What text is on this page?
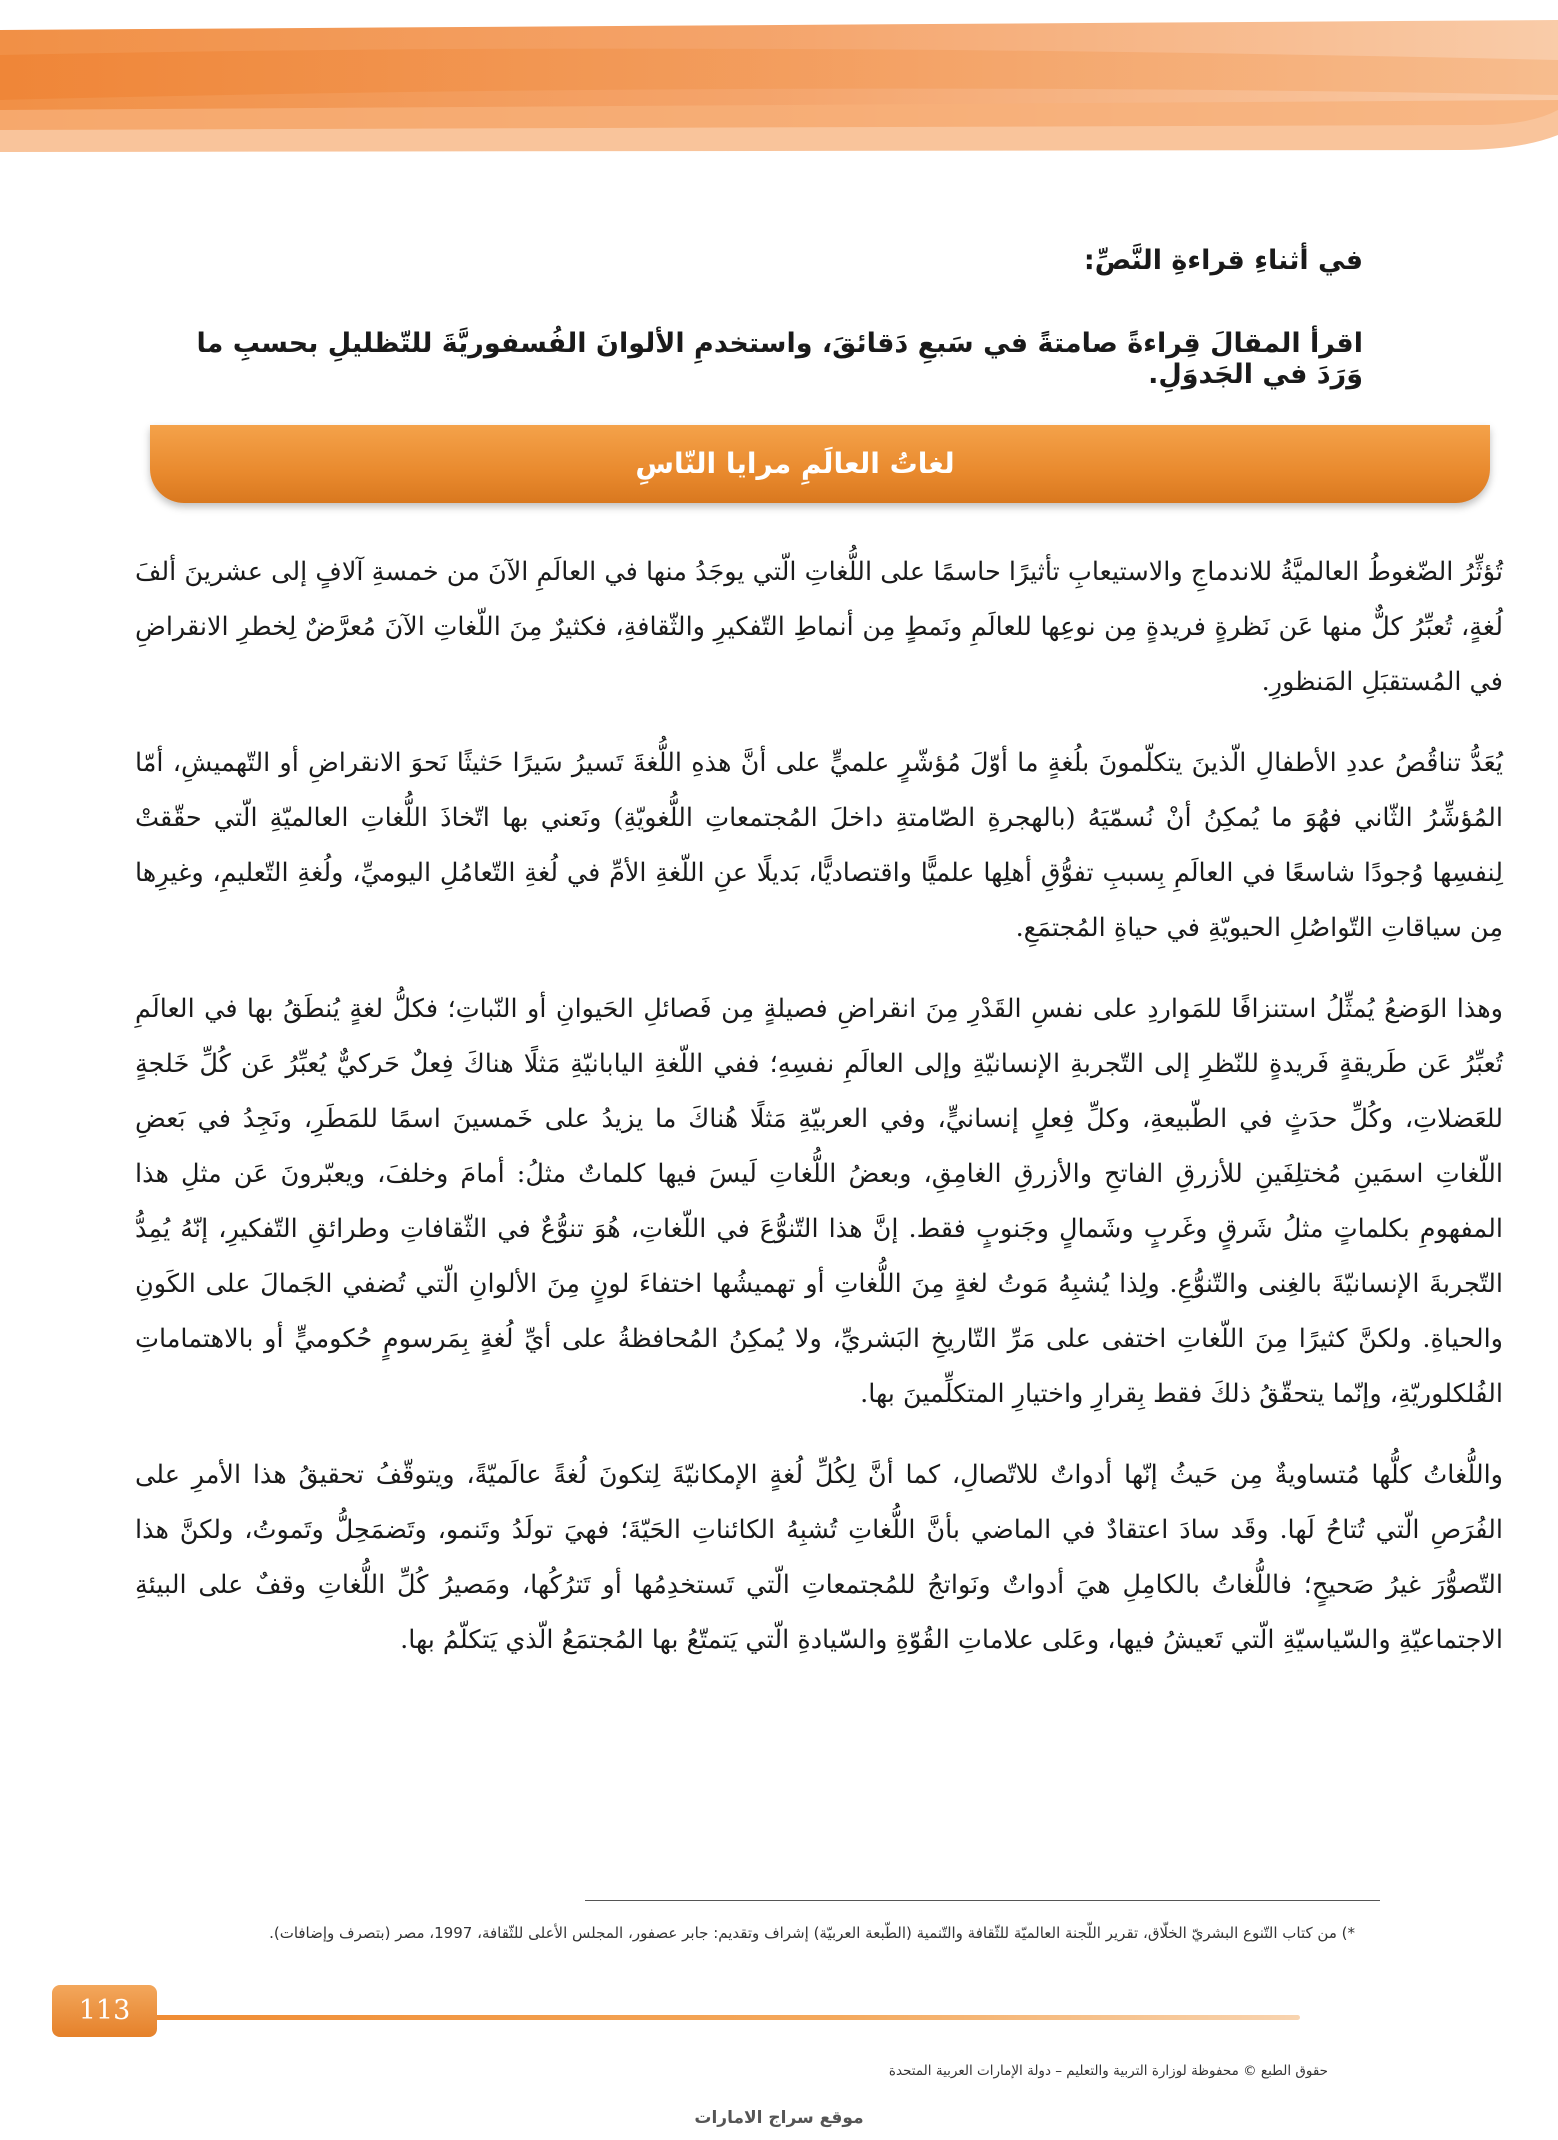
في أثناءِ قراءةِ النَّصِّ:
اقرأ المقالَ قِراءةً صامتةً في سَبعِ دَقائقَ، واستخدمِ الألوانَ الفُسفوريَّةَ للتّظليلِ بحسبِ ما وَرَدَ في الجَدوَلِ.
لغاتُ العالَمِ مرايا النّاسِ

تُؤثِّرُ الضّغوطُ العالميَّةُ للاندماجِ والاستيعابِ تأثيرًا حاسمًا على اللُّغاتِ الّتي يوجَدُ منها في العالَمِ الآنَ من خمسةِ آلافٍ إلى عشرينَ ألفَ لُغةٍ، تُعبِّرُ كلٌّ منها عَن نَظرةٍ فريدةٍ مِن نوعِها للعالَمِ ونَمطٍ مِن أنماطِ التّفكيرِ والثّقافةِ، فكثيرٌ مِنَ اللّغاتِ الآنَ مُعرَّضٌ لِخطرِ الانقراضِ في المُستقبَلِ المَنظورِ.

يُعَدُّ تناقُصُ عددِ الأطفالِ الّذينَ يتكلّمونَ بلُغةٍ ما أوّلَ مُؤشّرٍ علميٍّ على أنَّ هذهِ اللُّغةَ تَسيرُ سَيرًا حَثيثًا نَحوَ الانقراضِ أو التّهميشِ، أمّا المُؤشِّرُ الثّاني فهُوَ ما يُمكِنُ أنْ نُسمّيَهُ (بالهجرةِ الصّامتةِ داخلَ المُجتمعاتِ اللُّغويّةِ) ونَعني بها اتّخاذَ اللُّغاتِ العالميّةِ الّتي حقّقتْ لِنفسِها وُجودًا شاسعًا في العالَمِ بِسببِ تفوُّقِ أهلِها علميًّا واقتصاديًّا، بَديلًا عنِ اللّغةِ الأمِّ في لُغةِ التّعامُلِ اليوميِّ، ولُغةِ التّعليمِ، وغيرِها مِن سياقاتِ التّواصُلِ الحيويّةِ في حياةِ المُجتمَعِ.

وهذا الوَضعُ يُمثِّلُ استنزافًا للمَواردِ على نفسِ القَدْرِ مِنَ انقراضِ فصيلةٍ مِن فَصائلِ الحَيوانِ أو النّباتِ؛ فكلُّ لغةٍ يُنطَقُ بها في العالَمِ تُعبِّرُ عَن طَريقةٍ فَريدةٍ للنّظرِ إلى التّجربةِ الإنسانيّةِ وإلى العالَمِ نفسِهِ؛ ففي اللّغةِ اليابانيّةِ مَثلًا هناكَ فِعلٌ حَركيٌّ يُعبِّرُ عَن كُلِّ خَلجةٍ للعَضلاتِ، وكُلِّ حدَثٍ في الطّبيعةِ، وكلِّ فِعلٍ إنسانيٍّ، وفي العربيّةِ مَثلًا هُناكَ ما يزيدُ على خَمسينَ اسمًا للمَطَرِ، ونَجِدُ في بَعضِ اللّغاتِ اسمَينِ مُختلِفَينِ للأزرقِ الفاتحِ والأزرقِ الغامِقِ، وبعضُ اللُّغاتِ لَيسَ فيها كلماتٌ مثلُ: أمامَ وخلفَ، ويعبّرونَ عَن مثلِ هذا المفهومِ بكلماتٍ مثلُ شَرقٍ وغَربٍ وشَمالٍ وجَنوبٍ فقط. إنَّ هذا التّنوُّعَ في اللّغاتِ، هُوَ تنوُّعٌ في الثّقافاتِ وطرائقِ التّفكيرِ، إنّهُ يُمِدُّ التّجربةَ الإنسانيّةَ بالغِنى والتّنوُّعِ. ولِذا يُشبِهُ مَوتُ لغةٍ مِنَ اللُّغاتِ أو تهميشُها اختفاءَ لونٍ مِنَ الألوانِ الّتي تُضفي الجَمالَ على الكَونِ والحياةِ. ولكنَّ كثيرًا مِنَ اللّغاتِ اختفى على مَرِّ التّاريخِ البَشريِّ، ولا يُمكِنُ المُحافظةُ على أيِّ لُغةٍ بِمَرسومٍ حُكوميٍّ أو بالاهتماماتِ الفُلكلوريّةِ، وإنّما يتحقّقُ ذلكَ فقط بِقرارِ واختيارِ المتكلِّمينَ بها.

واللُّغاتُ كلُّها مُتساويةٌ مِن حَيثُ إنّها أدواتٌ للاتّصالِ، كما أنَّ لِكُلِّ لُغةٍ الإمكانيّةَ لِتكونَ لُغةً عالَميّةً، ويتوقّفُ تحقيقُ هذا الأمرِ على الفُرَصِ الّتي تُتاحُ لَها. وقَد سادَ اعتقادٌ في الماضي بأنَّ اللُّغاتِ تُشبِهُ الكائناتِ الحَيّةَ؛ فهيَ تولَدُ وتَنمو، وتَضمَحِلُّ وتَموتُ، ولكنَّ هذا التّصوُّرَ غيرُ صَحيحٍ؛ فاللُّغاتُ بالكامِلِ هيَ أدواتٌ ونَواتجُ للمُجتمعاتِ الّتي تَستخدِمُها أو تَترُكُها، ومَصيرُ كُلِّ اللُّغاتِ وقفٌ على البيئةِ الاجتماعيّةِ والسّياسيّةِ الّتي تَعيشُ فيها، وعَلى علاماتِ القُوّةِ والسّيادةِ الّتي يَتمتّعُ بها المُجتمَعُ الّذي يَتكلّمُ بها.

*) من كتاب التّنوع البشريّ الخلّاق، تقرير اللّجنة العالميّة للثّقافة والتّنمية (الطّبعة العربيّة) إشراف وتقديم: جابر عصفور، المجلس الأعلى للثّقافة، 1997، مصر (بتصرف وإضافات).
113
حقوق الطبع © محفوظة لوزارة التربية والتعليم – دولة الإمارات العربية المتحدة
موقع سراج الامارات
